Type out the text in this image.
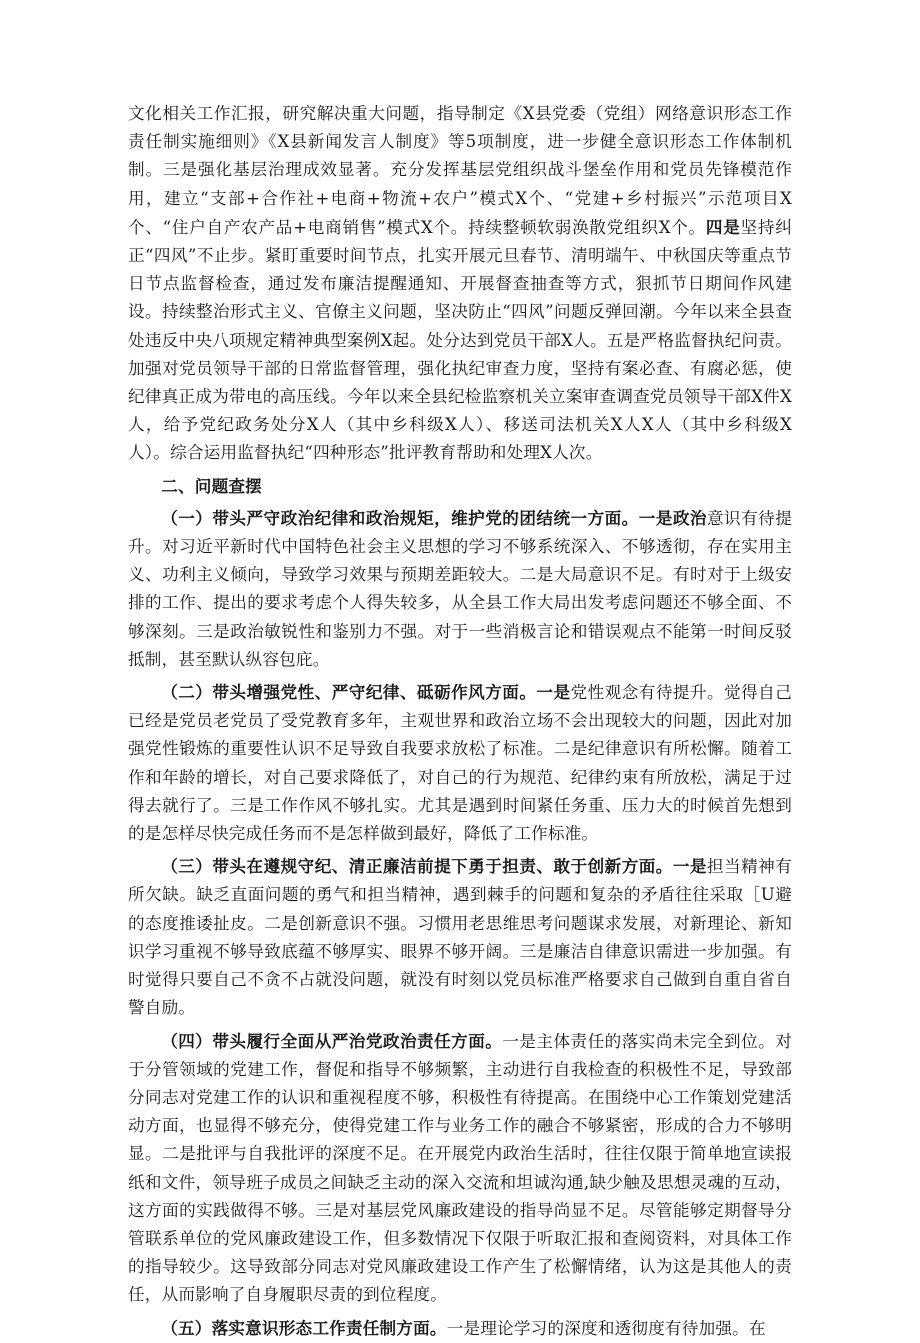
文化相关工作汇报，研究解决重大问题，指导制定《X县党委（党组）网络意识形态工作责任制实施细则》《X县新闻发言人制度》等5项制度，进一步健全意识形态工作体制机制。三是强化基层治理成效显著。充分发挥基层党组织战斗堡垒作用和党员先锋模范作用，建立“支部+合作社+电商+物流+农户”模式X个、“党建+乡村振兴”示范项目X个、“住户自产农产品+电商销售”模式X个。持续整顿软弱涣散党组织X个。四是坚持纠正“四风”不止步。紧盯重要时间节点，扎实开展元旦春节、清明端午、中秋国庆等重点节日节点监督检查，通过发布廉洁提醒通知、开展督查抽查等方式，狠抓节日期间作风建设。持续整治形式主义、官僚主义问题，坚决防止“四风”问题反弹回潮。今年以来全县查处违反中央八项规定精神典型案例X起。处分达到党员干部X人。五是严格监督执纪问责。加强对党员领导干部的日常监督管理，强化执纪审查力度，坚持有案必查、有腐必惩，使纪律真正成为带电的高压线。今年以来全县纪检监察机关立案审查调查党员领导干部X件X人，给予党纪政务处分X人（其中乡科级X人）、移送司法机关X人X人（其中乡科级X人）。综合运用监督执纪“四种形态”批评教育帮助和处理X人次。

二、问题查摆

（一）带头严守政治纪律和政治规矩，维护党的团结统一方面。一是政治意识有待提升。对习近平新时代中国特色社会主义思想的学习不够系统深入、不够透彻，存在实用主义、功利主义倾向，导致学习效果与预期差距较大。二是大局意识不足。有时对于上级安排的工作、提出的要求考虑个人得失较多，从全县工作大局出发考虑问题还不够全面、不够深刻。三是政治敏锐性和鉴别力不强。对于一些消极言论和错误观点不能第一时间反驳抵制，甚至默认纵容包庇。

（二）带头增强党性、严守纪律、砥砺作风方面。一是党性观念有待提升。觉得自己已经是党员老党员了受党教育多年，主观世界和政治立场不会出现较大的问题，因此对加强党性锻炼的重要性认识不足导致自我要求放松了标准。二是纪律意识有所松懈。随着工作和年龄的增长，对自己要求降低了，对自己的行为规范、纪律约束有所放松，满足于过得去就行了。三是工作作风不够扎实。尤其是遇到时间紧任务重、压力大的时候首先想到的是怎样尽快完成任务而不是怎样做到最好，降低了工作标准。

（三）带头在遵规守纪、清正廉洁前提下勇于担责、敢于创新方面。一是担当精神有所欠缺。缺乏直面问题的勇气和担当精神，遇到棘手的问题和复杂的矛盾往往采取［U避的态度推诿扯皮。二是创新意识不强。习惯用老思维思考问题谋求发展，对新理论、新知识学习重视不够导致底蕴不够厚实、眼界不够开阔。三是廉洁自律意识需进一步加强。有时觉得只要自己不贪不占就没问题，就没有时刻以党员标准严格要求自己做到自重自省自警自励。

（四）带头履行全面从严治党政治责任方面。一是主体责任的落实尚未完全到位。对于分管领域的党建工作，督促和指导不够频繁，主动进行自我检查的积极性不足，导致部分同志对党建工作的认识和重视程度不够，积极性有待提高。在围绕中心工作策划党建活动方面，也显得不够充分，使得党建工作与业务工作的融合不够紧密，形成的合力不够明显。二是批评与自我批评的深度不足。在开展党内政治生活时，往往仅限于简单地宣读报纸和文件，领导班子成员之间缺乏主动的深入交流和坦诚沟通,缺少触及思想灵魂的互动，这方面的实践做得不够。三是对基层党风廉政建设的指导尚显不足。尽管能够定期督导分管联系单位的党风廉政建设工作，但多数情况下仅限于听取汇报和查阅资料，对具体工作的指导较少。这导致部分同志对党风廉政建设工作产生了松懈情绪，认为这是其他人的责任，从而影响了自身履职尽责的到位程度。

（五）落实意识形态工作责任制方面。一是理论学习的深度和透彻度有待加强。在
